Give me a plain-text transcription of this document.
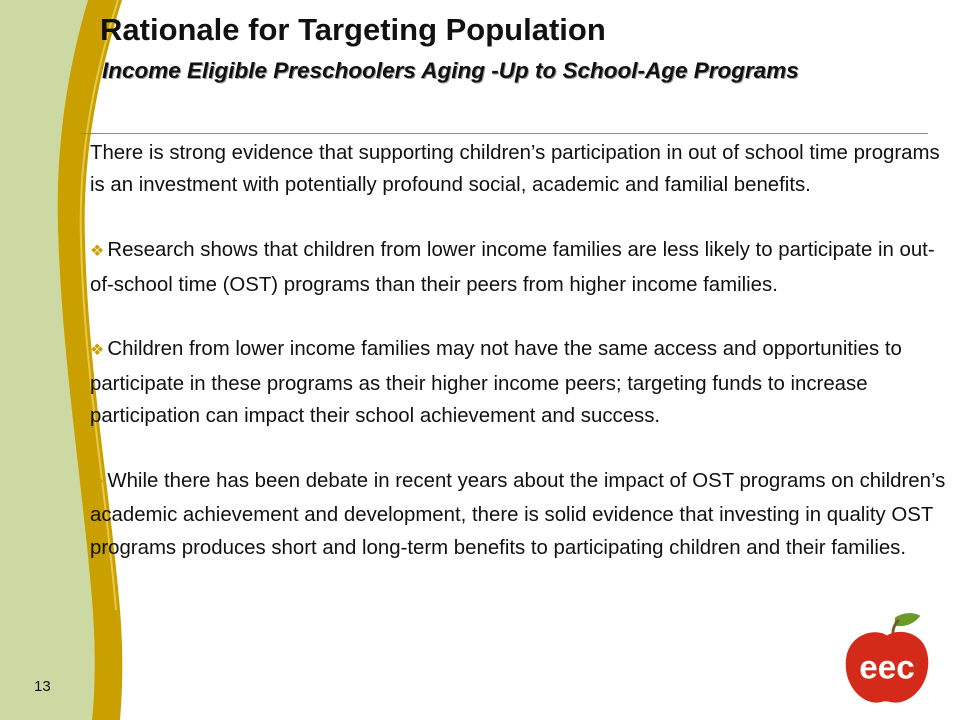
Rationale for Targeting Population
Income Eligible Preschoolers Aging -Up to School-Age Programs

There is strong evidence that supporting children’s participation in out of school time programs is an investment with potentially profound social, academic and familial benefits.

❖ Research shows that children from lower income families are less likely to participate in out-of-school time (OST) programs than their peers from higher income families.

❖ Children from lower income families may not have the same access and opportunities to participate in these programs as their higher income peers; targeting funds to increase participation can impact their school achievement and success.

❖ While there has been debate in recent years about the impact of OST programs on children’s academic achievement and development, there is solid evidence that investing in quality OST programs produces short and long-term benefits to participating children and their families.

13	eec
